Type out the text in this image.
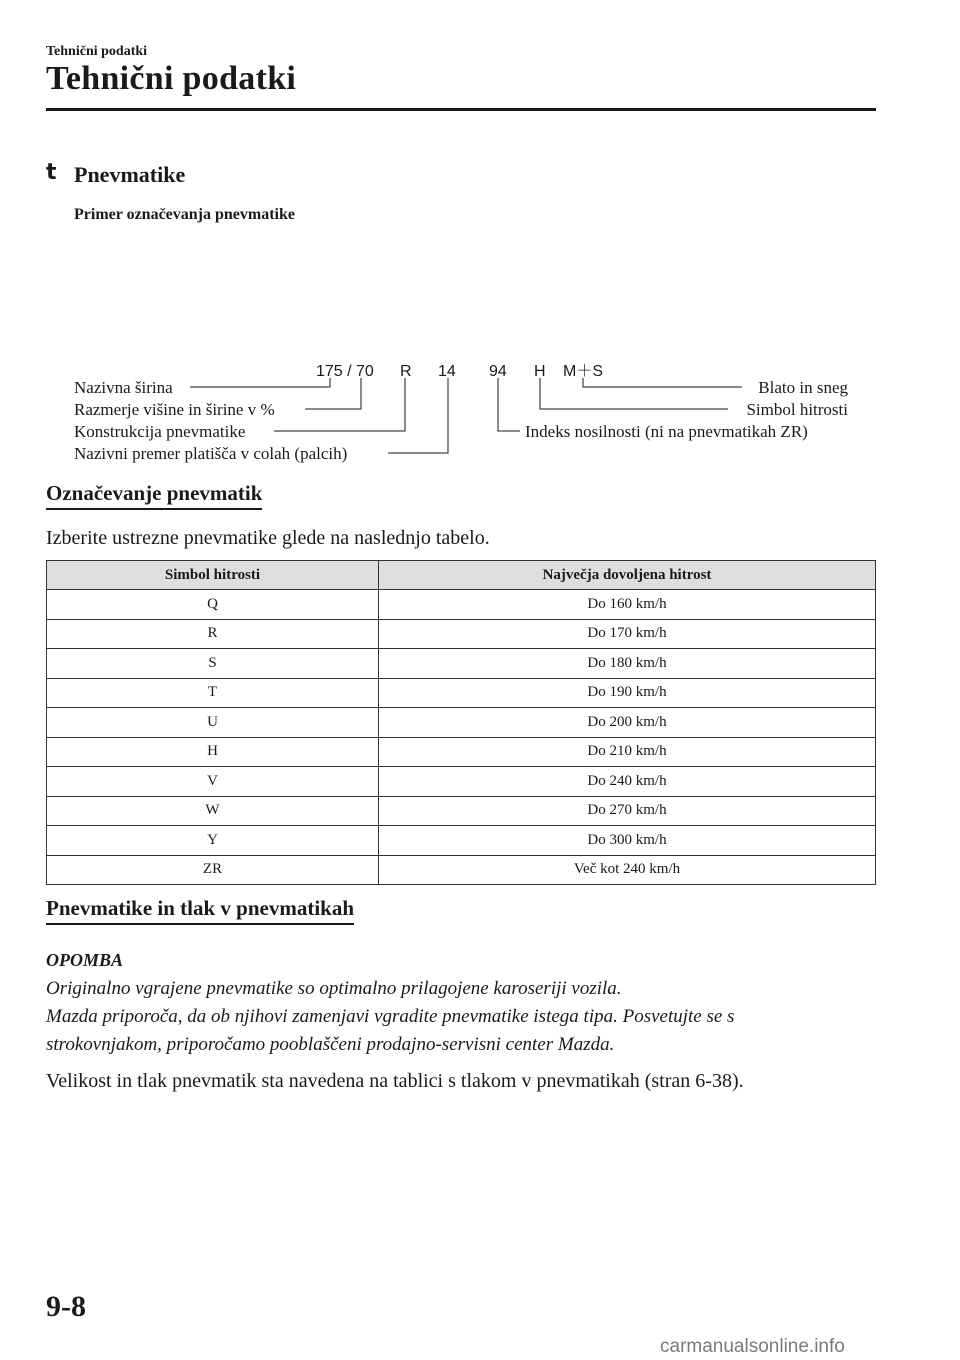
Tehnični podatki
Tehnični podatki
t Pnevmatike
Primer označevanja pnevmatike
175 / 70 R 14 94 H M＋S
Nazivna širina
Razmerje višine in širine v %
Konstrukcija pnevmatike
Nazivni premer platišča v colah (palcih)
Blato in sneg
Simbol hitrosti
Indeks nosilnosti (ni na pnevmatikah ZR)
Označevanje pnevmatik
Izberite ustrezne pnevmatike glede na naslednjo tabelo.
Simbol hitrosti	Največja dovoljena hitrost
Q	Do 160 km/h
R	Do 170 km/h
S	Do 180 km/h
T	Do 190 km/h
U	Do 200 km/h
H	Do 210 km/h
V	Do 240 km/h
W	Do 270 km/h
Y	Do 300 km/h
ZR	Več kot 240 km/h
Pnevmatike in tlak v pnevmatikah
OPOMBA
Originalno vgrajene pnevmatike so optimalno prilagojene karoseriji vozila.
Mazda priporoča, da ob njihovi zamenjavi vgradite pnevmatike istega tipa. Posvetujte se s
strokovnjakom, priporočamo pooblaščeni prodajno-servisni center Mazda.
Velikost in tlak pnevmatik sta navedena na tablici s tlakom v pnevmatikah (stran 6-38).
9-8
carmanualsonline.info
